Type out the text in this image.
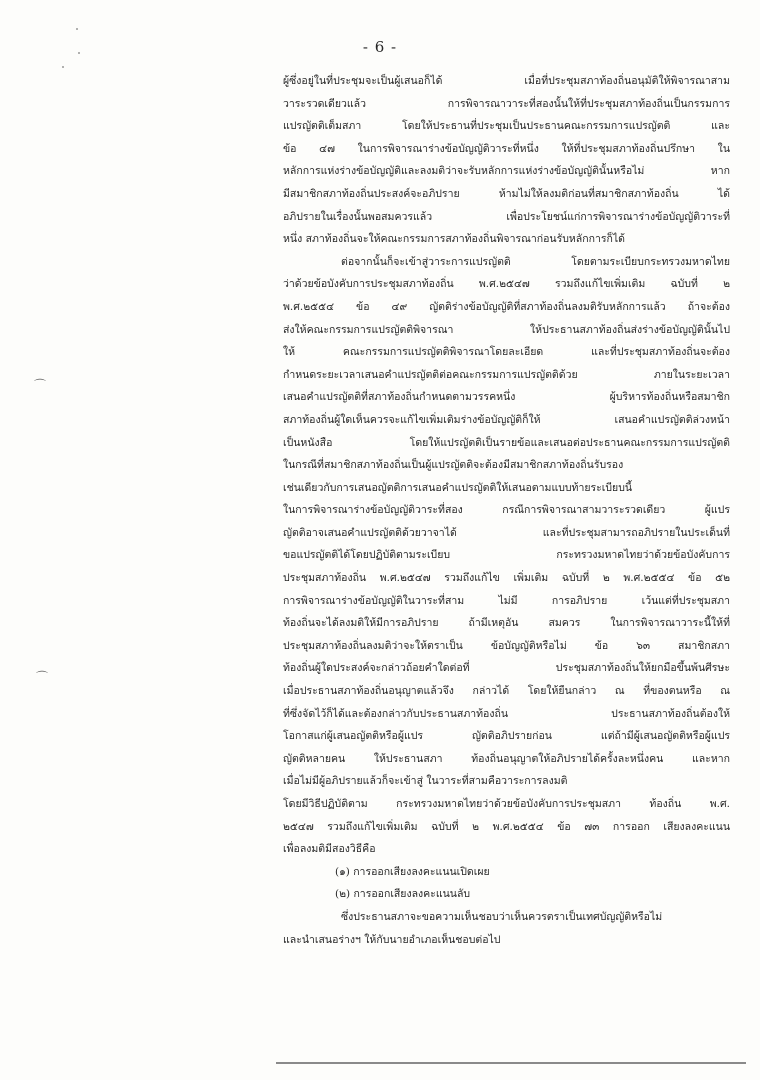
- 6 -
ผู้ซึ่งอยู่ในที่ประชุมจะเป็นผู้เสนอก็ได้ เมื่อที่ประชุมสภาท้องถิ่นอนุมัติให้พิจารณาสาม
วาระรวดเดียวแล้ว การพิจารณาวาระที่สองนั้นให้ที่ประชุมสภาท้องถิ่นเป็นกรรมการ
แปรญัตติเต็มสภา โดยให้ประธานที่ประชุมเป็นประธานคณะกรรมการแปรญัตติ และ
ข้อ ๔๗ ในการพิจารณาร่างข้อบัญญัติวาระที่หนึ่ง ให้ที่ประชุมสภาท้องถิ่นปรึกษา ใน
หลักการแห่งร่างข้อบัญญัติและลงมติว่าจะรับหลักการแห่งร่างข้อบัญญัตินั้นหรือไม่ หาก
มีสมาชิกสภาท้องถิ่นประสงค์จะอภิปราย ห้ามไม่ให้ลงมติก่อนที่สมาชิกสภาท้องถิ่น ได้
อภิปรายในเรื่องนั้นพอสมควรแล้ว เพื่อประโยชน์แก่การพิจารณาร่างข้อบัญญัติวาระที่
หนึ่ง สภาท้องถิ่นจะให้คณะกรรมการสภาท้องถิ่นพิจารณาก่อนรับหลักการก็ได้
ต่อจากนั้นก็จะเข้าสู่วาระการแปรญัตติ โดยตามระเบียบกระทรวงมหาดไทย
ว่าด้วยข้อบังคับการประชุมสภาท้องถิ่น พ.ศ.๒๕๔๗ รวมถึงแก้ไขเพิ่มเติม ฉบับที่ ๒
พ.ศ.๒๕๕๔ ข้อ ๔๙ ญัตติร่างข้อบัญญัติที่สภาท้องถิ่นลงมติรับหลักการแล้ว ถ้าจะต้อง
ส่งให้คณะกรรมการแปรญัตติพิจารณา ให้ประธานสภาท้องถิ่นส่งร่างข้อบัญญัตินั้นไป
ให้ คณะกรรมการแปรญัตติพิจารณาโดยละเอียด และที่ประชุมสภาท้องถิ่นจะต้อง
กำหนดระยะเวลาเสนอคำแปรญัตติต่อคณะกรรมการแปรญัตติด้วย ภายในระยะเวลา
เสนอคำแปรญัตติที่สภาท้องถิ่นกำหนดตามวรรคหนึ่ง ผู้บริหารท้องถิ่นหรือสมาชิก
สภาท้องถิ่นผู้ใดเห็นควรจะแก้ไขเพิ่มเติมร่างข้อบัญญัติก็ให้ เสนอคำแปรญัตติล่วงหน้า
เป็นหนังสือ โดยให้แปรญัตติเป็นรายข้อและเสนอต่อประธานคณะกรรมการแปรญัตติ
ในกรณีที่สมาชิกสภาท้องถิ่นเป็นผู้แปรญัตติจะต้องมีสมาชิกสภาท้องถิ่นรับรอง
เช่นเดียวกับการเสนอญัตติการเสนอคำแปรญัตติให้เสนอตามแบบท้ายระเบียบนี้
ในการพิจารณาร่างข้อบัญญัติวาระที่สอง กรณีการพิจารณาสามวาระรวดเดียว ผู้แปร
ญัตติอาจเสนอคำแปรญัตติด้วยวาจาได้ และที่ประชุมสามารถอภิปรายในประเด็นที่
ขอแปรญัตติได้โดยปฏิบัติตามระเบียบ กระทรวงมหาดไทยว่าด้วยข้อบังคับการ
ประชุมสภาท้องถิ่น พ.ศ.๒๕๔๗ รวมถึงแก้ไข เพิ่มเติม ฉบับที่ ๒ พ.ศ.๒๕๕๔ ข้อ ๕๒
การพิจารณาร่างข้อบัญญัติในวาระที่สาม ไม่มี การอภิปราย เว้นแต่ที่ประชุมสภา
ท้องถิ่นจะได้ลงมติให้มีการอภิปราย ถ้ามีเหตุอัน สมควร ในการพิจารณาวาระนี้ให้ที่
ประชุมสภาท้องถิ่นลงมติว่าจะให้ตราเป็น ข้อบัญญัติหรือไม่ ข้อ ๖๓ สมาชิกสภา
ท้องถิ่นผู้ใดประสงค์จะกล่าวถ้อยคำใดต่อที่ ประชุมสภาท้องถิ่นให้ยกมือขึ้นพ้นศีรษะ
เมื่อประธานสภาท้องถิ่นอนุญาตแล้วจึง กล่าวได้ โดยให้ยืนกล่าว ณ ที่ของตนหรือ ณ
ที่ซึ่งจัดไว้ก็ได้และต้องกล่าวกับประธานสภาท้องถิ่น ประธานสภาท้องถิ่นต้องให้
โอกาสแก่ผู้เสนอญัตติหรือผู้แปร ญัตติอภิปรายก่อน แต่ถ้ามีผู้เสนอญัตติหรือผู้แปร
ญัตติหลายคน ให้ประธานสภา ท้องถิ่นอนุญาตให้อภิปรายได้ครั้งละหนึ่งคน และหาก
เมื่อไม่มีผู้อภิปรายแล้วก็จะเข้าสู่ ในวาระที่สามคือวาระการลงมติ
โดยมีวิธีปฏิบัติตาม กระทรวงมหาดไทยว่าด้วยข้อบังคับการประชุมสภา ท้องถิ่น พ.ศ.
๒๕๔๗ รวมถึงแก้ไขเพิ่มเติม ฉบับที่ ๒ พ.ศ.๒๕๕๔ ข้อ ๗๓ การออก เสียงลงคะแนน
เพื่อลงมติมีสองวิธีคือ
(๑) การออกเสียงลงคะแนนเปิดเผย
(๒) การออกเสียงลงคะแนนลับ
ซึ่งประธานสภาจะขอความเห็นชอบว่าเห็นควรตราเป็นเทศบัญญัติหรือไม่
และนำเสนอร่างฯ ให้กับนายอำเภอเห็นชอบต่อไป
⌒
⌒
